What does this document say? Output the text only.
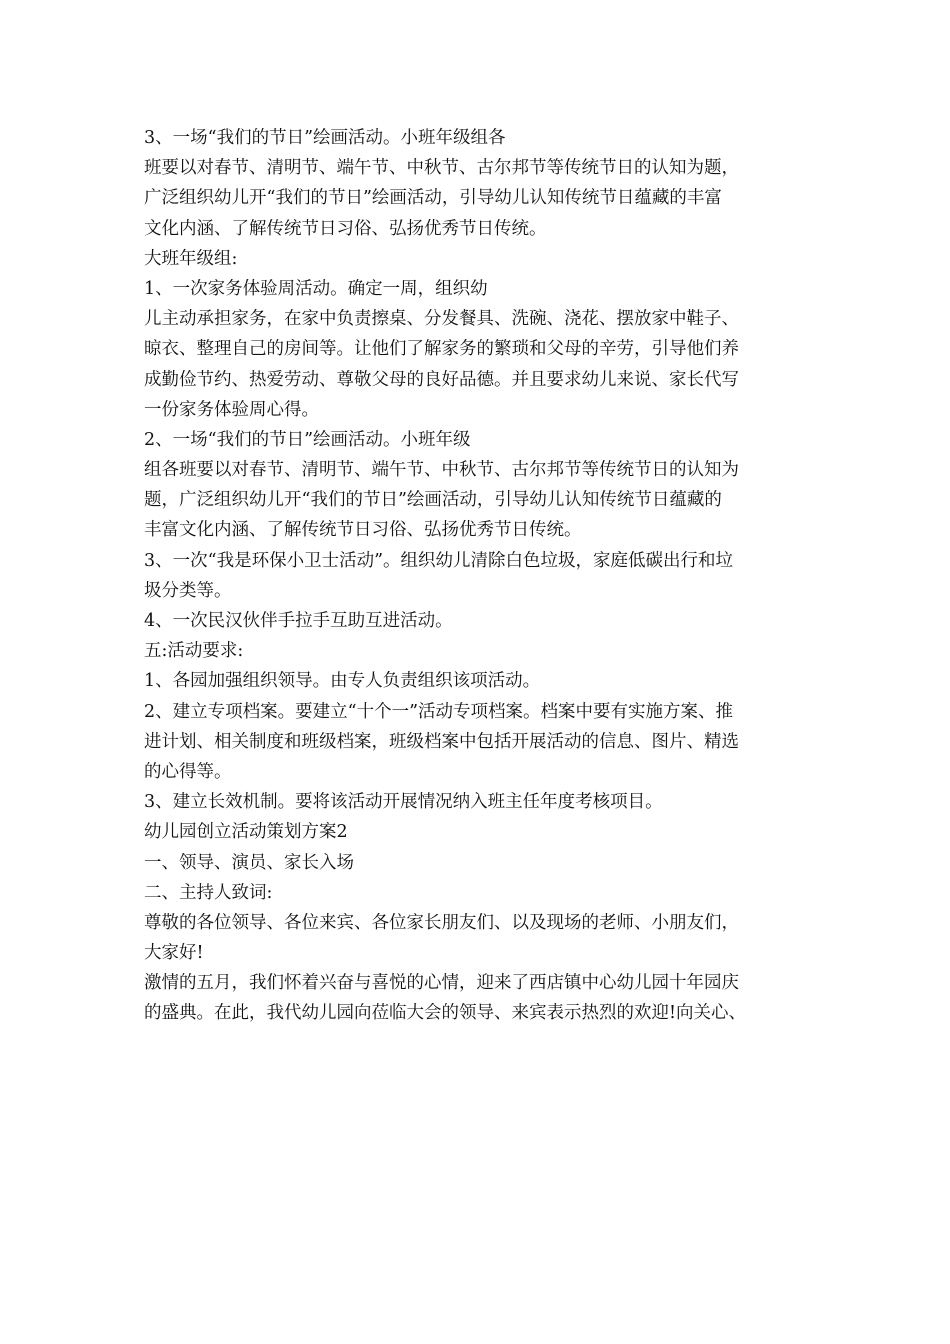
3、一场“我们的节日”绘画活动。小班年级组各
班要以对春节、清明节、端午节、中秋节、古尔邦节等传统节日的认知为题，
广泛组织幼儿开“我们的节日”绘画活动，引导幼儿认知传统节日蕴藏的丰富
文化内涵、了解传统节日习俗、弘扬优秀节日传统。
大班年级组:
1、一次家务体验周活动。确定一周，组织幼
儿主动承担家务，在家中负责擦桌、分发餐具、洗碗、浇花、摆放家中鞋子、
晾衣、整理自己的房间等。让他们了解家务的繁琐和父母的辛劳，引导他们养
成勤俭节约、热爱劳动、尊敬父母的良好品德。并且要求幼儿来说、家长代写
一份家务体验周心得。
2、一场“我们的节日”绘画活动。小班年级
组各班要以对春节、清明节、端午节、中秋节、古尔邦节等传统节日的认知为
题，广泛组织幼儿开“我们的节日”绘画活动，引导幼儿认知传统节日蕴藏的
丰富文化内涵、了解传统节日习俗、弘扬优秀节日传统。
3、一次“我是环保小卫士活动”。组织幼儿清除白色垃圾，家庭低碳出行和垃
圾分类等。
4、一次民汉伙伴手拉手互助互进活动。
五:活动要求:
1、各园加强组织领导。由专人负责组织该项活动。
2、建立专项档案。要建立“十个一”活动专项档案。档案中要有实施方案、推
进计划、相关制度和班级档案，班级档案中包括开展活动的信息、图片、精选
的心得等。
3、建立长效机制。要将该活动开展情况纳入班主任年度考核项目。
幼儿园创立活动策划方案2
一、领导、演员、家长入场
二、主持人致词:
尊敬的各位领导、各位来宾、各位家长朋友们、以及现场的老师、小朋友们，
大家好!
激情的五月，我们怀着兴奋与喜悦的心情，迎来了西店镇中心幼儿园十年园庆
的盛典。在此，我代幼儿园向莅临大会的领导、来宾表示热烈的欢迎!向关心、
